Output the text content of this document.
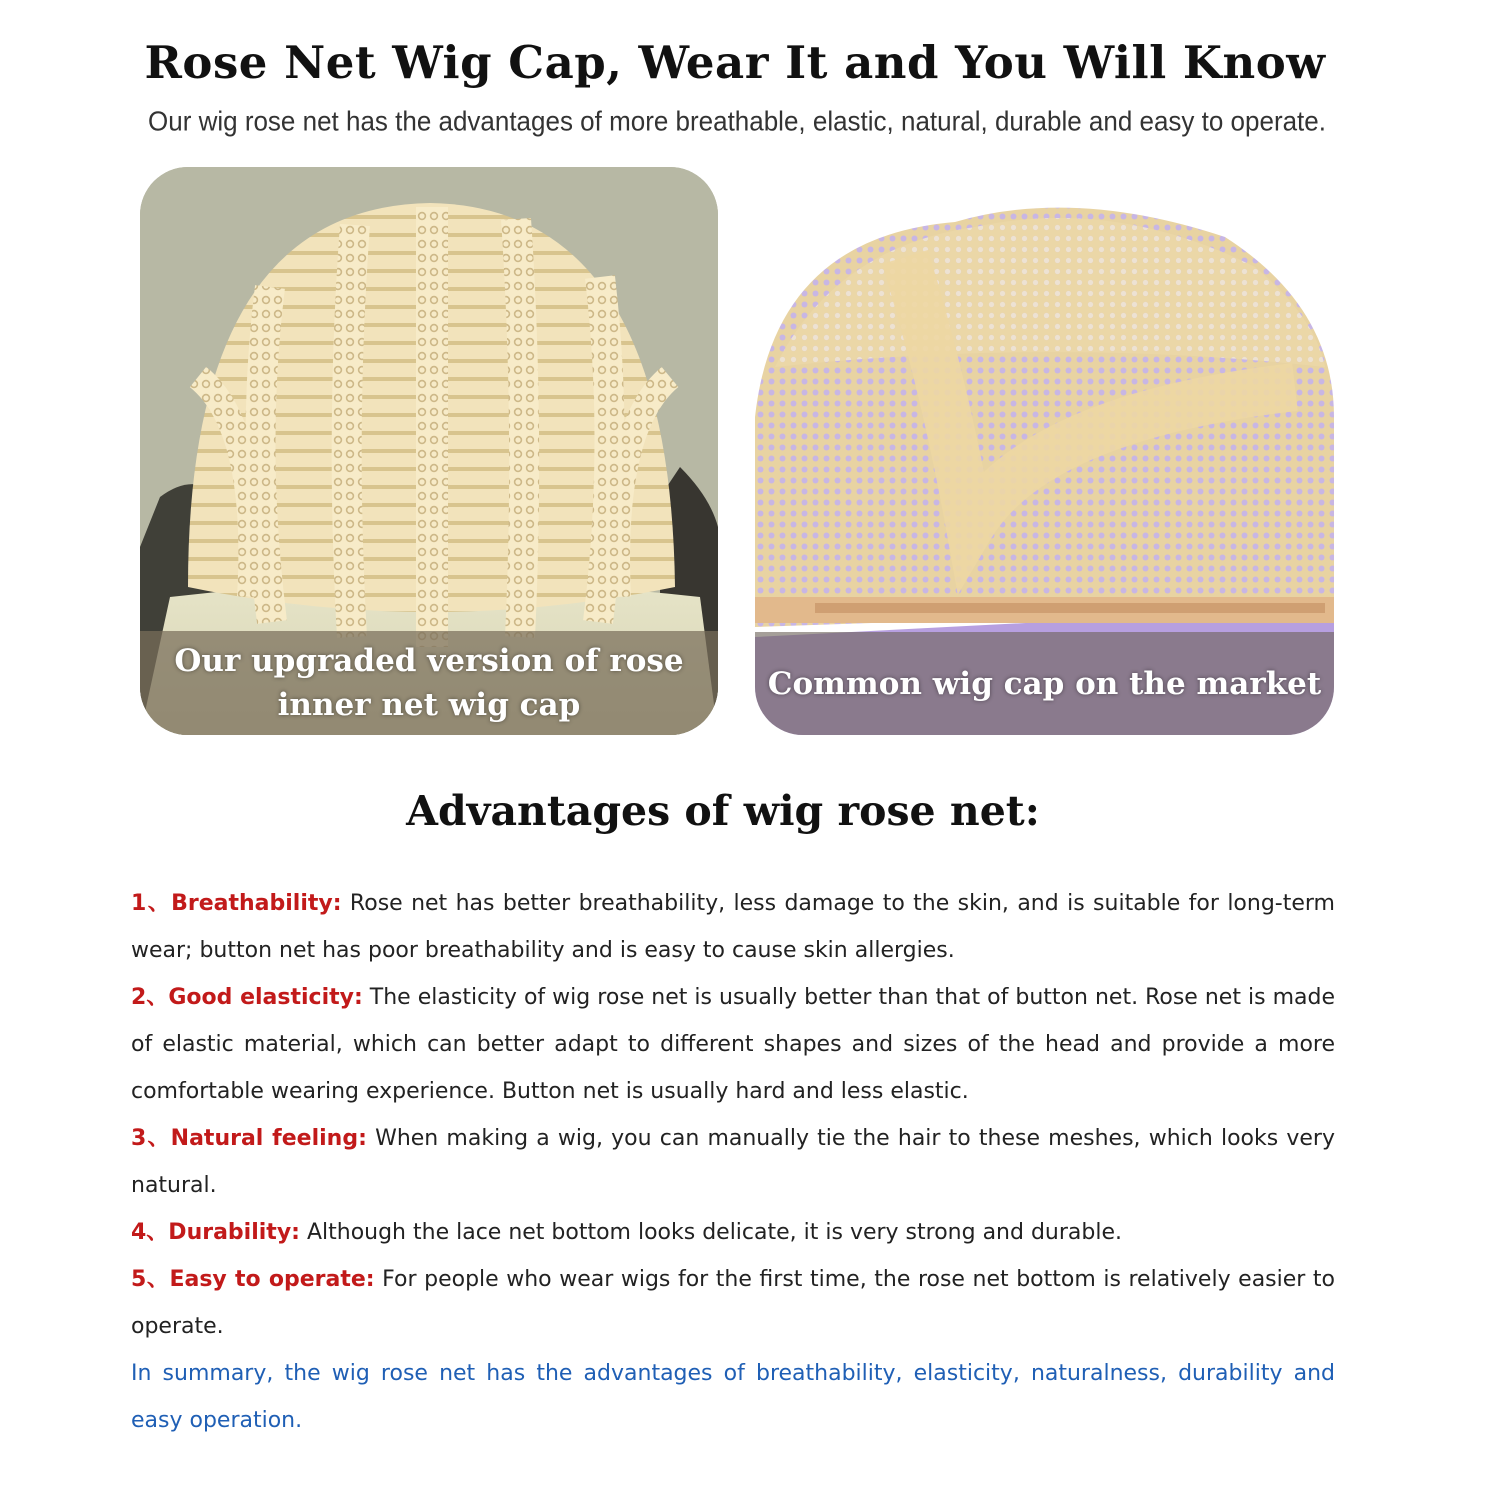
Rose Net Wig Cap, Wear It and You Will Know
Our wig rose net has the advantages of more breathable, elastic, natural, durable and easy to operate.
Our upgraded version of rose
inner net wig cap
Common wig cap on the market
Advantages of wig rose net:

1、Breathability: Rose net has better breathability, less damage to the skin, and is suitable for long-term wear; button net has poor breathability and is easy to cause skin allergies.

2、Good elasticity: The elasticity of wig rose net is usually better than that of button net. Rose net is made of elastic material, which can better adapt to different shapes and sizes of the head and provide a more comfortable wearing experience. Button net is usually hard and less elastic.

3、Natural feeling: When making a wig, you can manually tie the hair to these meshes, which looks very natural.

4、Durability: Although the lace net bottom looks delicate, it is very strong and durable.

5、Easy to operate: For people who wear wigs for the first time, the rose net bottom is relatively easier to operate.

In summary, the wig rose net has the advantages of breathability, elasticity, naturalness, durability and easy operation.
